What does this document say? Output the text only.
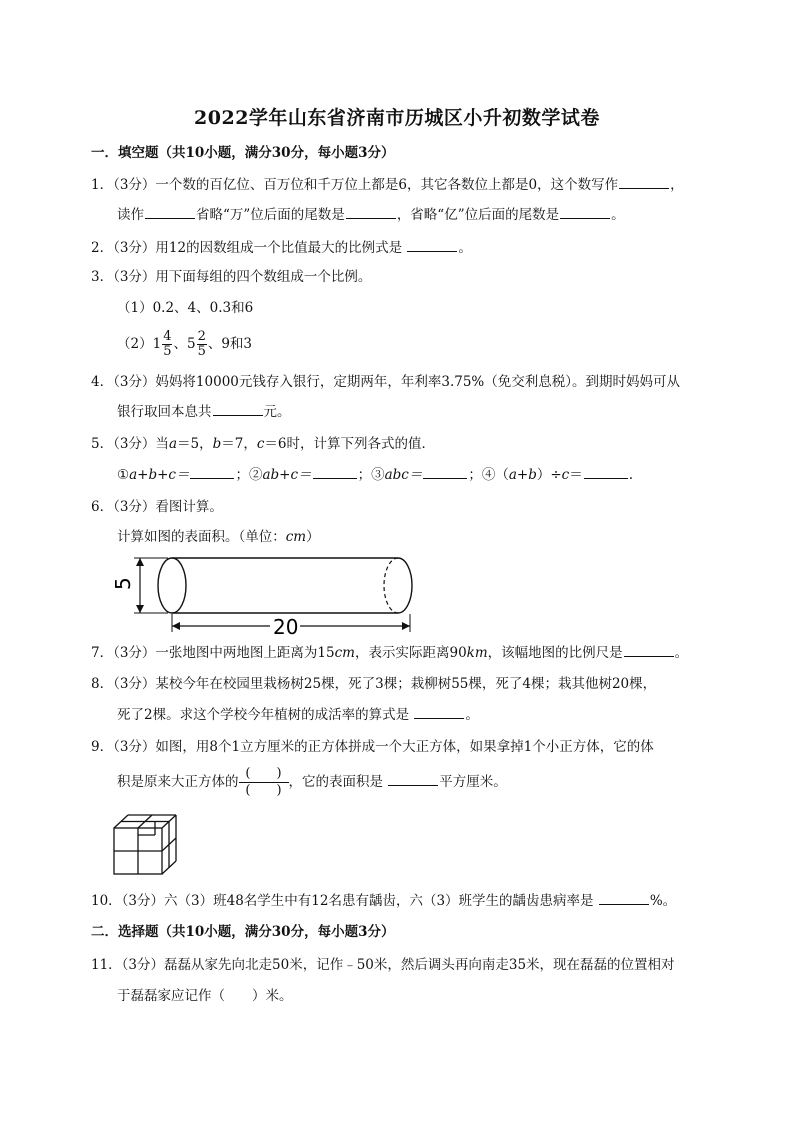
2022学年山东省济南市历城区小升初数学试卷
一．填空题（共10小题，满分30分，每小题3分）
1．（3分）一个数的百亿位、百万位和千万位上都是6，其它各数位上都是0，这个数写作	，
读作	省略“万”位后面的尾数是	，省略“亿”位后面的尾数是	。
2．（3分）用12的因数组成一个比值最大的比例式是	。
3．（3分）用下面每组的四个数组成一个比例。
（1）0.2、4、0.3和6
$(2)1 \frac{4}{5}$ 、$5 \frac{2}{5}$ 、9和3
4．（3分）妈妈将10000元钱存入银行，定期两年，年利率3.75%（免交利息税）。到期时妈妈可从
银行取回本息共	元。
5．（3分）当a＝5，b＝7，c＝6时，计算下列各式的值．
①a+b+c＝	；②ab+c＝	；③abc＝	；④（a+b）÷c＝	.
6．（3分）看图计算。
计算如图的表面积。（单位：cm）
5
20
7．（3分）一张地图中两地图上距离为15cm，表示实际距离90km，该幅地图的比例尺是	。
8．（3分）某校今年在校园里栽杨树25棵，死了3棵；栽柳树55棵，死了4棵；栽其他树20棵，
死了2棵。求这个学校今年植树的成活率的算式是	。
9．（3分）如图，用8个1立方厘米的正方体拼成一个大正方体，如果拿掉1个小正方体，它的体
积是原来大正方体的 $\frac{( )}{( )}$ ，它的表面积是	平方厘米。
10．（3分）六（3）班48名学生中有12名患有龋齿，六（3）班学生的龋齿患病率是	%。
二．选择题（共10小题，满分30分，每小题3分）
11．（3分）磊磊从家先向北走50米，记作﹣50米，然后调头再向南走35米，现在磊磊的位置相对
于磊磊家应记作（　　）米。
